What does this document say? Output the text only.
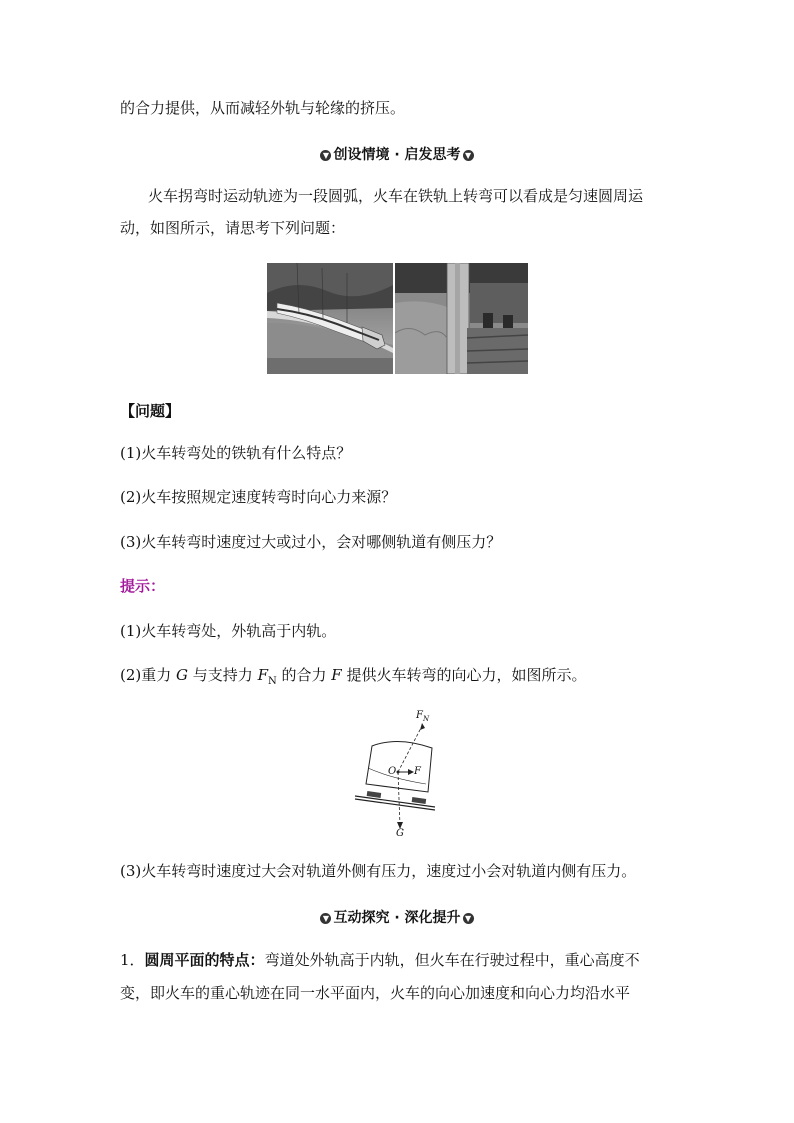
的合力提供，从而减轻外轨与轮缘的挤压。
▼ 创设情境 · 启发思考 ▼
火车拐弯时运动轨迹为一段圆弧，火车在铁轨上转弯可以看成是匀速圆周运
动，如图所示，请思考下列问题：
【问题】
(1)火车转弯处的铁轨有什么特点？
(2)火车按照规定速度转弯时向心力来源？
(3)火车转弯时速度过大或过小，会对哪侧轨道有侧压力？
提示：
(1)火车转弯处，外轨高于内轨。
(2)重力 G 与支持力 $F_N$ 的合力 F 提供火车转弯的向心力，如图所示。
$F_N$
O F
G
(3)火车转弯时速度过大会对轨道外侧有压力，速度过小会对轨道内侧有压力。
▼ 互动探究 · 深化提升 ▼
1．圆周平面的特点：弯道处外轨高于内轨，但火车在行驶过程中，重心高度不
变，即火车的重心轨迹在同一水平面内，火车的向心加速度和向心力均沿水平
